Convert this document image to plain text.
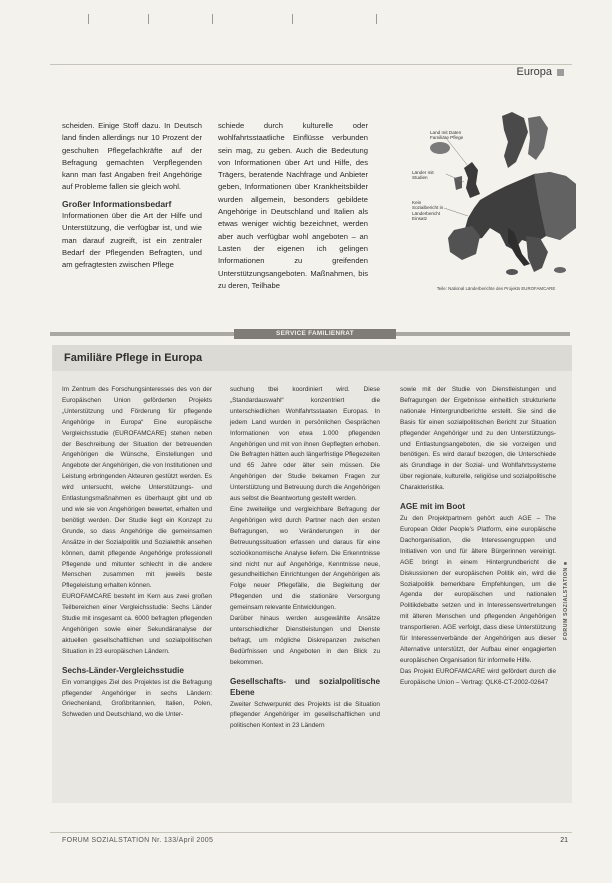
Europa

scheiden. Einige Stoff dazu. In Deutsch land finden allerdings nur 10 Prozent der geschulten Pflegefachkräfte auf der Befragung gemachten Verpflegenden kann man fast Angaben frei! Angehörige auf Probleme fallen sie gleich wohl.

Großer Informationsbedarf

Informationen über die Art der Hilfe und Unterstützung, die verfügbar ist, und wie man darauf zugreift, ist ein zentraler Bedarf der Pflegenden Befragten, und am gefragtesten zwischen Pflege

schiede durch kulturelle oder wohlfahrtsstaatliche Einflüsse verbunden sein mag, zu geben. Auch die Bedeutung von Informationen über Art und Hilfe, des Trägers, beratende Nachfrage und Anbieter geben, Informationen über Krankheitsbilder wurden allgemein, besonders gebildete Angehörige in Deutschland und Italien als etwas weniger wichtig bezeichnet, werden aber auch verfügbar wohl angeboten – an Lasten der eigenen ich gelingen Informationen zu greifenden Unterstützungsangeboten. Maßnahmen, bis zu deren, Teilhabe

Land mit Daten
Familiäre Pflege
Länder mit
Studien
Kein
Sozialbericht in
Länderbericht
Einsatz
Teile: National Länderberichte des Projekts EUROFAMCARE
SERVICE FAMILIENRAT
Familiäre Pflege in Europa

Im Zentrum des Forschungsinteresses des von der Europäischen Union geförderten Projekts „Unterstützung und Förderung für pflegende Angehörige in Europa“ Eine europäische Vergleichsstudie (EUROFAMCARE) stehen neben der Beschreibung der Situation der betreuenden Angehörigen die Wünsche, Einstellungen und Angebote der Angehörigen, die von Institutionen und Leistung erbringenden Akteuren gestützt werden. Es wird untersucht, welche Unterstützungs- und Entlastungsmaßnahmen es überhaupt gibt und ob und wie sie von Angehörigen bewertet, erhalten und benötigt werden. Der Studie liegt ein Konzept zu Grunde, so dass Angehörige die gemeinsamen Ansätze in der Sozialpolitik und Sozialethik ansehen können, damit pflegende Angehörige professionell Pflegende und mitunter schlecht in die andere Menschen zusammen mit jeweils beste Pflegeleistung erhalten können.

EUROFAMCARE besteht im Kern aus zwei großen Teilbereichen einer Vergleichsstudie: Sechs Länder Studie mit insgesamt ca. 6000 befragten pflegenden Angehörigen sowie einer Sekundäranalyse der aktuellen gesellschaftlichen und sozialpolitischen Situation in 23 europäischen Ländern.

Sechs-Länder-Vergleichsstudie

Ein vorrangiges Ziel des Projektes ist die Befragung pflegender Angehöriger in sechs Ländern: Griechenland, Großbritannien, Italien, Polen, Schweden und Deutschland, wo die Unter-

suchung tbei koordiniert wird. Diese „Standardauswahl“ konzentriert die unterschiedlichen Wohlfahrtsstaaten Europas. In jedem Land wurden in persönlichen Gesprächen Informationen von etwa 1.000 pflegenden Angehörigen und mit von ihnen Gepflegten erhoben. Die Befragten hätten auch längerfristige Pflegezeiten und 65 Jahre oder älter sein müssen. Die Angehörigen der Studie bekamen Fragen zur Unterstützung und Betreuung durch die Angehörigen aus selbst die Beantwortung gestellt werden.

Eine zweiteilige und vergleichbare Befragung der Angehörigen wird durch Partner nach den ersten Befragungen, wo Veränderungen in der Betreuungssituation erfassen und daraus für eine sozioökonomische Analyse liefern. Die Erkenntnisse sind nicht nur auf Angehörige, Kenntnisse neue, gesundheitlichen Einrichtungen der Angehörigen als Folge neuer Pflegefälle, die Begleitung der Pflegenden und die stationäre Versorgung gemeinsam relevante Entwicklungen.

Darüber hinaus werden ausgewählte Ansätze unterschiedlicher Dienstleistungen und Dienste befragt, um mögliche Diskrepanzen zwischen Bedürfnissen und Angeboten in den Blick zu bekommen.

Gesellschafts- und sozialpolitische Ebene

Zweiter Schwerpunkt des Projekts ist die Situation pflegender Angehöriger im gesellschaftlichen und politischen Kontext in 23 Ländern

sowie mit der Studie von Dienstleistungen und Befragungen der Ergebnisse einheitlich strukturierte nationale Hintergrundberichte erstellt. Sie sind die Basis für einen sozialpolitischen Bericht zur Situation pflegender Angehöriger und zu den Unterstützungs- und Entlastungsangeboten, die sie vorzeigen und benötigen. Es wird darauf bezogen, die Unterschiede als Grundlage in der Sozial- und Wohlfahrtssysteme über regionale, kulturelle, religiöse und sozialpolitische Charakteristika.

AGE mit im Boot

Zu den Projektpartnern gehört auch AGE – The European Older People's Platform, eine europäische Dachorganisation, die Interessengruppen und Initiativen von und für ältere Bürgerinnen vereinigt. AGE bringt in einem Hintergrundbericht die Diskussionen der europäischen Politik ein, wird die Sozialpolitik bemerkbare Empfehlungen, um die Agenda der europäischen und nationalen Politikdebatte setzen und in Interessensvertretungen mit älteren Menschen und pflegenden Angehörigen transportieren. AGE verfolgt, dass diese Unterstützung für Interessenverbände der Angehörigen aus dieser Alternative unterstützt, der Aufbau einer engagierten europäischen Organisation für informelle Hilfe.

Das Projekt EUROFAMCARE wird gefördert durch die Europäische Union – Vertrag: QLK6-CT-2002-02647

FORUM SOZIALSTATION ■
FORUM SOZIALSTATION Nr. 133/April 2005	21
